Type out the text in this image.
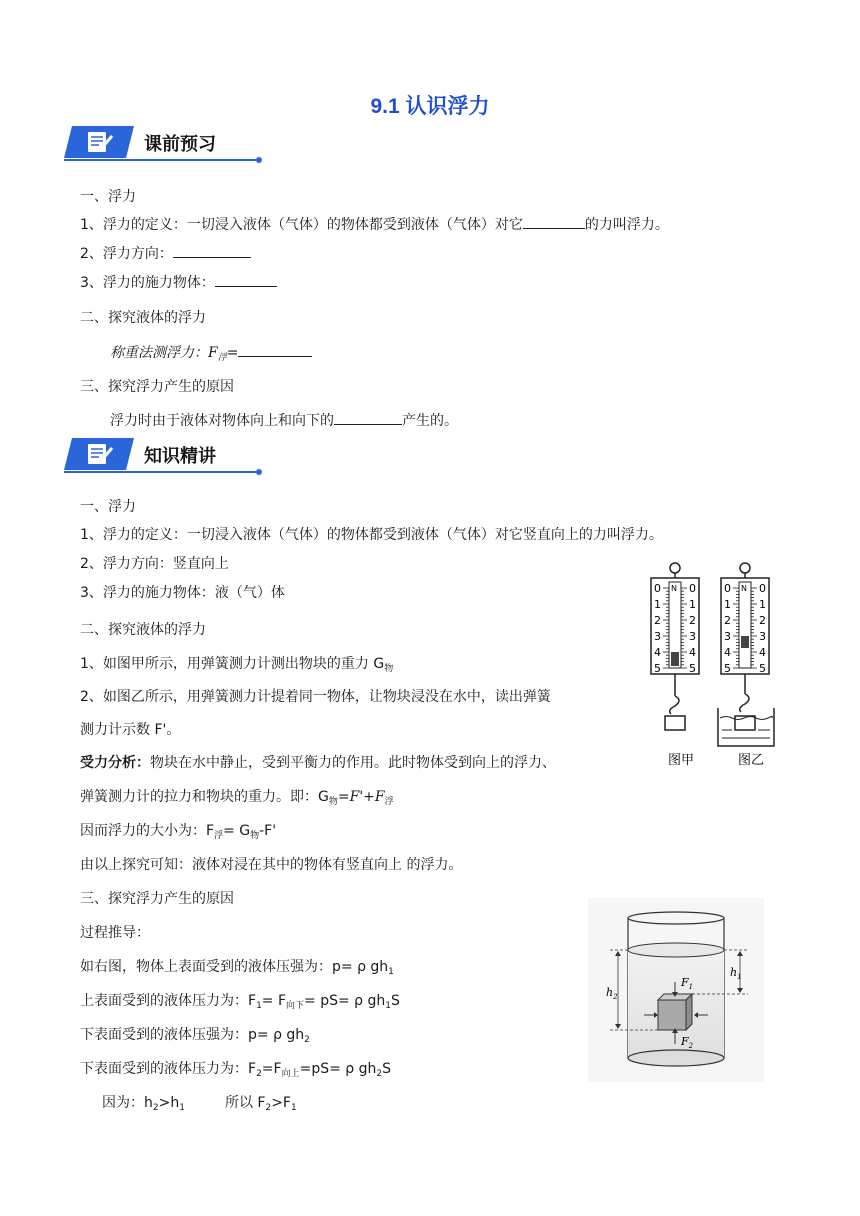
9.1 认识浮力
课前预习
一、浮力
1、浮力的定义：一切浸入液体（气体）的物体都受到液体（气体）对它	的力叫浮力。
2、浮力方向：
3、浮力的施力物体：
二、探究液体的浮力
称重法测浮力：$F_浮=$
三、探究浮力产生的原因
浮力时由于液体对物体向上和向下的	产生的。
知识精讲
一、浮力
1、浮力的定义：一切浸入液体（气体）的物体都受到液体（气体）对它竖直向上的力叫浮力。
2、浮力方向：竖直向上
3、浮力的施力物体：液（气）体
二、探究液体的浮力
1、如图甲所示，用弹簧测力计测出物块的重力 $G_物$
2、如图乙所示，用弹簧测力计提着同一物体，让物块浸没在水中，读出弹簧
测力计示数 F'。
受力分析：物块在水中静止，受到平衡力的作用。此时物体受到向上的浮力、
弹簧测力计的拉力和物块的重力。即：$G_物=F'+F_浮$
因而浮力的大小为：$F_浮= G_物-F'$
由以上探究可知：液体对浸在其中的物体有竖直向上 的浮力。
三、探究浮力产生的原因
过程推导：
如右图，物体上表面受到的液体压强为：p= ρ $gh_1$
上表面受到的液体压力为：$F_1= F_{向下}= pS= \rho$ $gh_1S$
下表面受到的液体压强为：p= ρ $gh_2$
下表面受到的液体压力为：$F_2=F_{向上}=pS= \rho$ $gh_2S$
因为：$h_2>h_1$	所以 $F_2>F_1$
N
0	0
1	1
2	2
3	3
4	4
5	5
图甲
N
0	0
1	1
2	2
3	3
4	4
5	5
图乙
$F_1$
$F_2$
$h_1$
$h_2$
